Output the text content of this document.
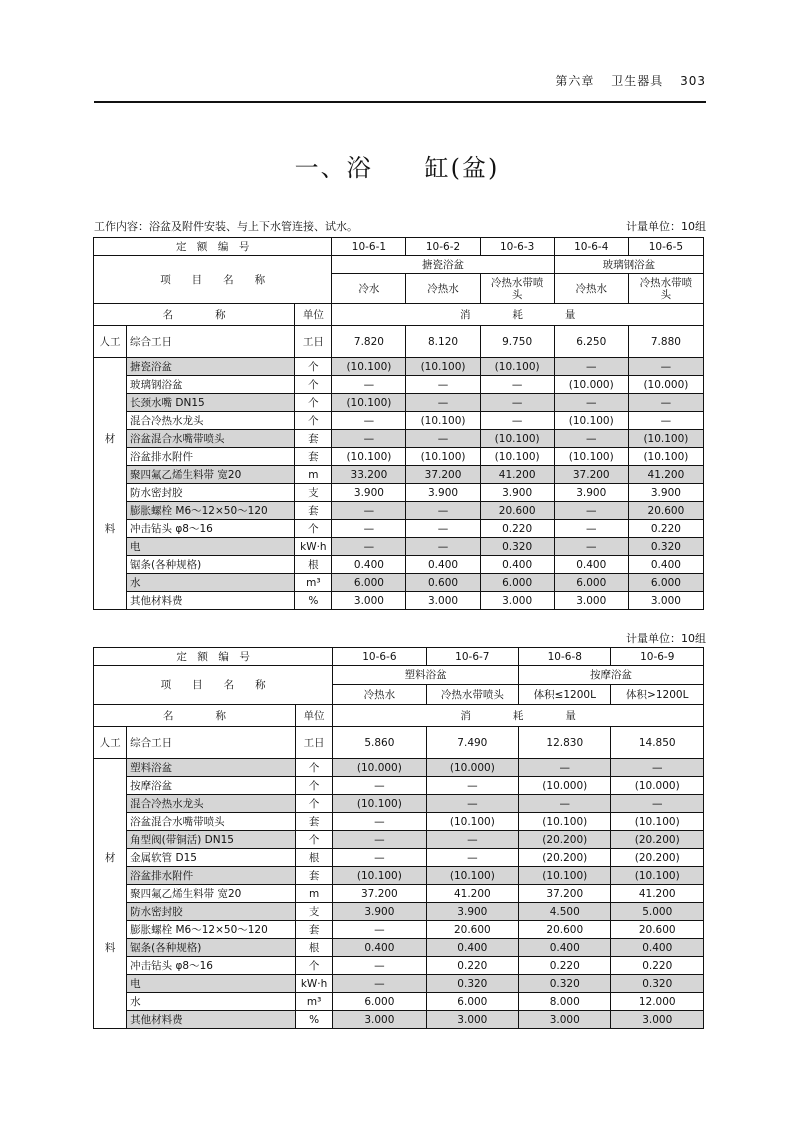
第六章 卫生器具 303
一、浴　　缸(盆)
工作内容：浴盆及附件安装、与上下水管连接、试水。	计量单位：10组
定　额　编　号			10-6-1	10-6-2	10-6-3	10-6-4	10-6-5
项　　目　　名　　称			搪瓷浴盆			玻璃钢浴盆	
			冷水	冷热水	冷热水带喷头	冷热水	冷热水带喷头
名　　　　称		单位	消　　　　耗　　　　量				
人工	综合工日	工日	7.820	8.120	9.750	6.250	7.880
	搪瓷浴盆	个	(10.100)	(10.100)	(10.100)	—	—
	玻璃钢浴盆	个	—	—	—	(10.000)	(10.000)
	长颈水嘴 DN15	个	(10.100)	—	—	—	—
	混合冷热水龙头	个	—	(10.100)	—	(10.100)	—
材	浴盆混合水嘴带喷头	套	—	—	(10.100)	—	(10.100)
	浴盆排水附件	套	(10.100)	(10.100)	(10.100)	(10.100)	(10.100)
	聚四氟乙烯生料带 宽20	m	33.200	37.200	41.200	37.200	41.200
	防水密封胶	支	3.900	3.900	3.900	3.900	3.900
	膨胀螺栓 M6～12×50～120	套	—	—	20.600	—	20.600
料	冲击钻头 φ8～16	个	—	—	0.220	—	0.220
	电	kW·h	—	—	0.320	—	0.320
	锯条(各种规格)	根	0.400	0.400	0.400	0.400	0.400
	水	m³	6.000	0.600	6.000	6.000	6.000
	其他材料费	%	3.000	3.000	3.000	3.000	3.000
计量单位：10组
定　额　编　号			10-6-6	10-6-7	10-6-8	10-6-9
项　　目　　名　　称			塑料浴盆		按摩浴盆	
			冷热水	冷热水带喷头	体积≤1200L	体积>1200L
名　　　　称		单位	消　　　　耗　　　　量			
人工	综合工日	工日	5.860	7.490	12.830	14.850
	塑料浴盆	个	(10.000)	(10.000)	—	—
	按摩浴盆	个	—	—	(10.000)	(10.000)
	混合冷热水龙头	个	(10.100)	—	—	—
	浴盆混合水嘴带喷头	套	—	(10.100)	(10.100)	(10.100)
	角型阀(带铜活) DN15	个	—	—	(20.200)	(20.200)
材	金属软管 D15	根	—	—	(20.200)	(20.200)
	浴盆排水附件	套	(10.100)	(10.100)	(10.100)	(10.100)
	聚四氟乙烯生料带 宽20	m	37.200	41.200	37.200	41.200
	防水密封胶	支	3.900	3.900	4.500	5.000
	膨胀螺栓 M6～12×50～120	套	—	20.600	20.600	20.600
料	锯条(各种规格)	根	0.400	0.400	0.400	0.400
	冲击钻头 φ8～16	个	—	0.220	0.220	0.220
	电	kW·h	—	0.320	0.320	0.320
	水	m³	6.000	6.000	8.000	12.000
	其他材料费	%	3.000	3.000	3.000	3.000
